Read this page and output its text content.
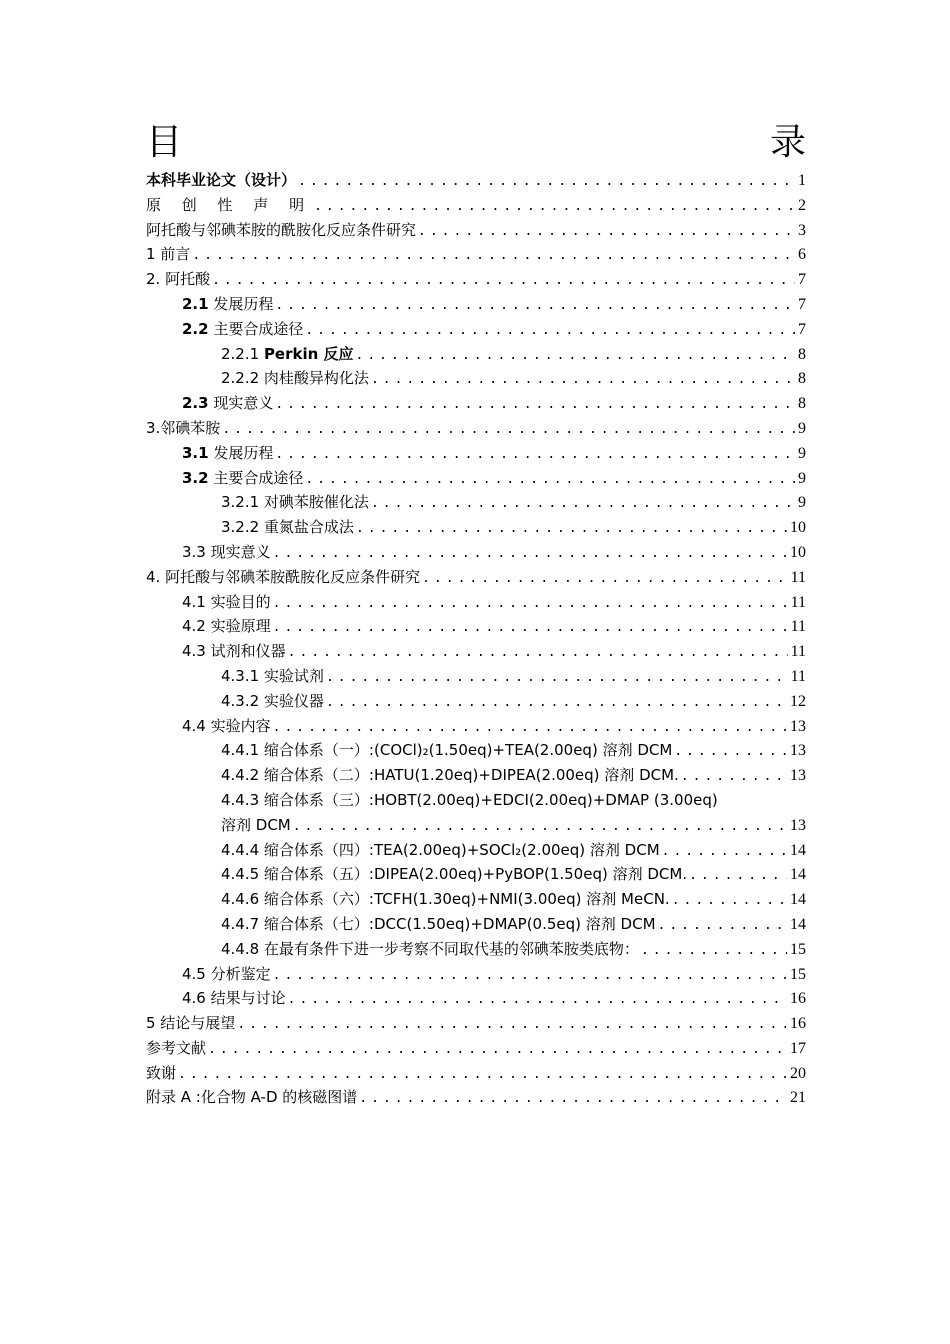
目	录
本科毕业论文（设计） .....	1
原 创 性 声 明 .....	2
阿托酸与邻碘苯胺的酰胺化反应条件研究 .....	3
1 前言 .....	6
2. 阿托酸 .....	7
2.1 发展历程 .....	7
2.2 主要合成途径 .....	7
2.2.1 Perkin 反应 .....	8
2.2.2 肉桂酸异构化法 .....	8
2.3 现实意义 .....	8
3.邻碘苯胺 .....	9
3.1 发展历程 .....	9
3.2 主要合成途径 .....	9
3.2.1 对碘苯胺催化法 .....	9
3.2.2 重氮盐合成法 .....	10
3.3 现实意义 .....	10
4. 阿托酸与邻碘苯胺酰胺化反应条件研究 .....	11
4.1 实验目的 .....	11
4.2 实验原理 .....	11
4.3 试剂和仪器 .....	11
4.3.1 实验试剂 .....	11
4.3.2 实验仪器 .....	12
4.4 实验内容 .....	13
4.4.1 缩合体系（一）:(COCl)₂(1.50eq)+TEA(2.00eq) 溶剂 DCM .....	13
4.4.2 缩合体系（二）:HATU(1.20eq)+DIPEA(2.00eq) 溶剂 DCM. .....	13
4.4.3 缩合体系（三）:HOBT(2.00eq)+EDCI(2.00eq)+DMAP (3.00eq)
溶剂 DCM .....	13
4.4.4 缩合体系（四）:TEA(2.00eq)+SOCl₂(2.00eq) 溶剂 DCM .....	14
4.4.5 缩合体系（五）:DIPEA(2.00eq)+PyBOP(1.50eq) 溶剂 DCM. .....	14
4.4.6 缩合体系（六）:TCFH(1.30eq)+NMI(3.00eq) 溶剂 MeCN. .....	14
4.4.7 缩合体系（七）:DCC(1.50eq)+DMAP(0.5eq) 溶剂 DCM .....	14
4.4.8 在最有条件下进一步考察不同取代基的邻碘苯胺类底物： .....	15
4.5 分析鉴定 .....	15
4.6 结果与讨论 .....	16
5 结论与展望 .....	16
参考文献 .....	17
致谢 .....	20
附录 A :化合物 A-D 的核磁图谱 .....	21
